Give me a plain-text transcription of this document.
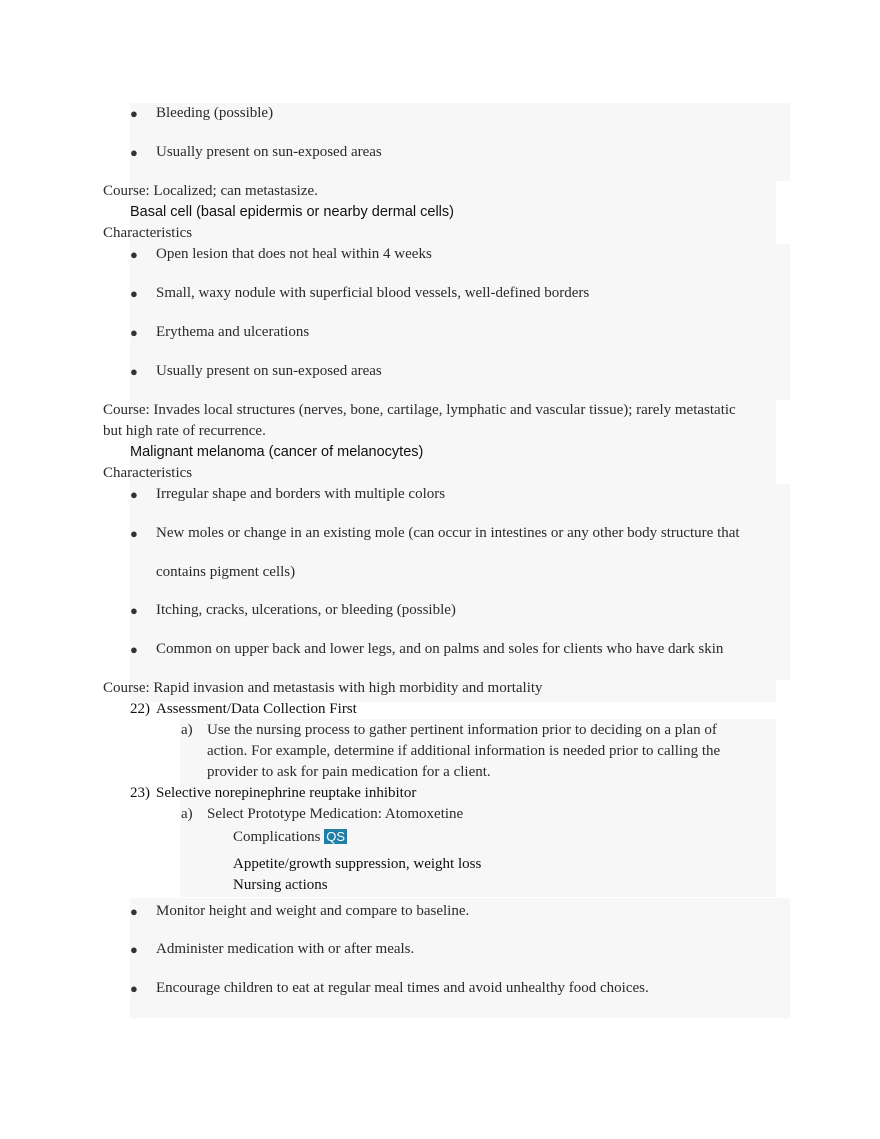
● Bleeding (possible)
● Usually present on sun-exposed areas
Course: Localized; can metastasize.
Basal cell (basal epidermis or nearby dermal cells)
Characteristics
● Open lesion that does not heal within 4 weeks
● Small, waxy nodule with superficial blood vessels, well-defined borders
● Erythema and ulcerations
● Usually present on sun-exposed areas
Course: Invades local structures (nerves, bone, cartilage, lymphatic and vascular tissue); rarely metastatic
but high rate of recurrence.
Malignant melanoma (cancer of melanocytes)
Characteristics
● Irregular shape and borders with multiple colors
● New moles or change in an existing mole (can occur in intestines or any other body structure that
contains pigment cells)
● Itching, cracks, ulcerations, or bleeding (possible)
● Common on upper back and lower legs, and on palms and soles for clients who have dark skin
Course: Rapid invasion and metastasis with high morbidity and mortality
22) Assessment/Data Collection First
a) Use the nursing process to gather pertinent information prior to deciding on a plan of
action. For example, determine if additional information is needed prior to calling the
provider to ask for pain medication for a client.
23) Selective norepinephrine reuptake inhibitor
a) Select Prototype Medication: Atomoxetine
Complications QS
Appetite/growth suppression, weight loss
Nursing actions
● Monitor height and weight and compare to baseline.
● Administer medication with or after meals.
● Encourage children to eat at regular meal times and avoid unhealthy food choices.
